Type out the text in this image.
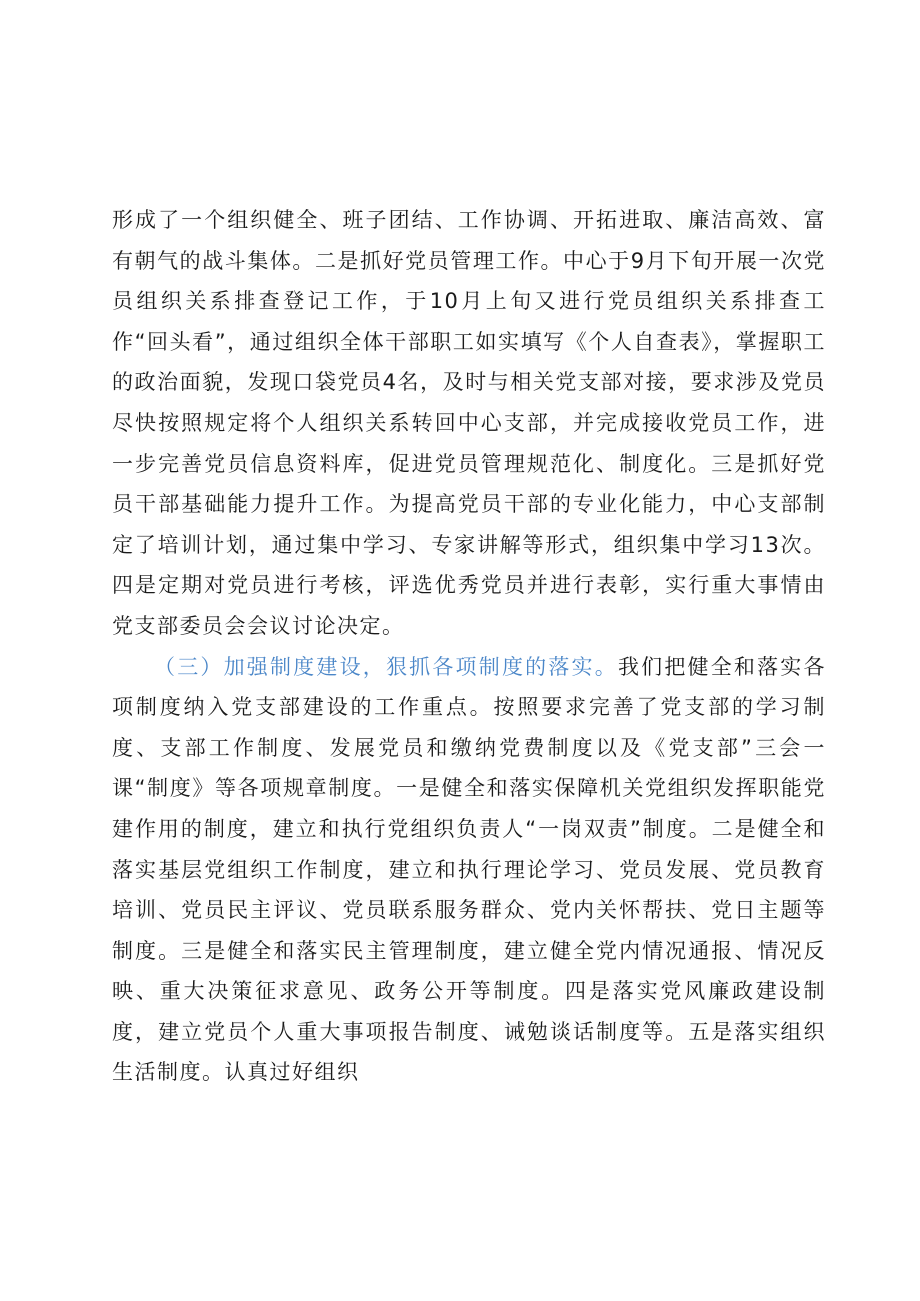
形成了一个组织健全、班子团结、工作协调、开拓进取、廉洁高效、富有朝气的战斗集体。二是抓好党员管理工作。中心于9月下旬开展一次党员组织关系排查登记工作，于10月上旬又进行党员组织关系排查工作“回头看”，通过组织全体干部职工如实填写《个人自查表》，掌握职工的政治面貌，发现口袋党员4名，及时与相关党支部对接，要求涉及党员尽快按照规定将个人组织关系转回中心支部，并完成接收党员工作，进一步完善党员信息资料库，促进党员管理规范化、制度化。三是抓好党员干部基础能力提升工作。为提高党员干部的专业化能力，中心支部制定了培训计划，通过集中学习、专家讲解等形式，组织集中学习13次。四是定期对党员进行考核，评选优秀党员并进行表彰，实行重大事情由党支部委员会会议讨论决定。

（三）加强制度建设，狠抓各项制度的落实。我们把健全和落实各项制度纳入党支部建设的工作重点。按照要求完善了党支部的学习制度、支部工作制度、发展党员和缴纳党费制度以及《党支部”三会一课“制度》等各项规章制度。一是健全和落实保障机关党组织发挥职能党建作用的制度，建立和执行党组织负责人“一岗双责”制度。二是健全和落实基层党组织工作制度，建立和执行理论学习、党员发展、党员教育培训、党员民主评议、党员联系服务群众、党内关怀帮扶、党日主题等制度。三是健全和落实民主管理制度，建立健全党内情况通报、情况反映、重大决策征求意见、政务公开等制度。四是落实党风廉政建设制度，建立党员个人重大事项报告制度、诫勉谈话制度等。五是落实组织生活制度。认真过好组织
